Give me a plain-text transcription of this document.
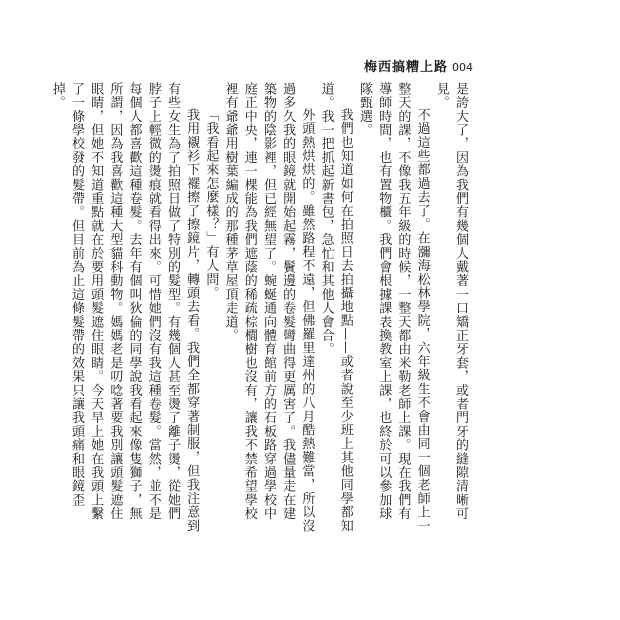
梅西搞糟上路 004

是誇大了，因為我們有幾個人戴著一口矯正牙套，或者門牙的縫隙清晰可見。

不過這些都過去了。在瀰海松林學院，六年級生不會由同一個老師上一整天的課，不像我五年級的時候，一整天都由米勒老師上課。現在我們有導師時間，也有置物櫃。我們會根據課表換教室上課，也終於可以參加球隊甄選。

我們也知道如何在拍照日去拍攝地點——或者說至少班上其他同學都知道。我一把抓起新書包，急忙和其他人會合。

外頭熱烘烘的。雖然路程不遠，但佛羅里達州的八月酷熱難當，所以沒過多久我的眼鏡就開始起霧，鬢邊的卷髮彎曲得更厲害了。我儘量走在建築物的陰影裡，但已經無望了。蜿蜒通向體育館前方的石板路穿過學校中庭正中央，連一棵能為我們遮蔭的稀疏棕櫚樹也沒有，讓我不禁希望學校裡有爺爺用樹葉編成的那種茅草屋頂走道。

「我看起來怎麼樣？」有人問。

我用襯衫下襬擦了擦鏡片，轉頭去看。我們全都穿著制服，但我注意到有些女生為了拍照日做了特別的髮型。有幾個人甚至燙了離子燙，從她們脖子上輕微的燙痕就看得出來。可惜她們沒有我這種卷髮。當然，並不是每個人都喜歡這種卷髮。去年有個叫狄倫的同學說我看起來像隻獅子，無所謂，因為我喜歡這種大型貓科動物。媽媽老是叨唸著要我別讓頭髮遮住眼睛，但她不知道重點就在於要用頭髮遮住眼睛。今天早上她在我頭上繫了一條學校發的髮帶。但目前為止這條髮帶的效果只讓我頭痛和眼鏡歪掉。
